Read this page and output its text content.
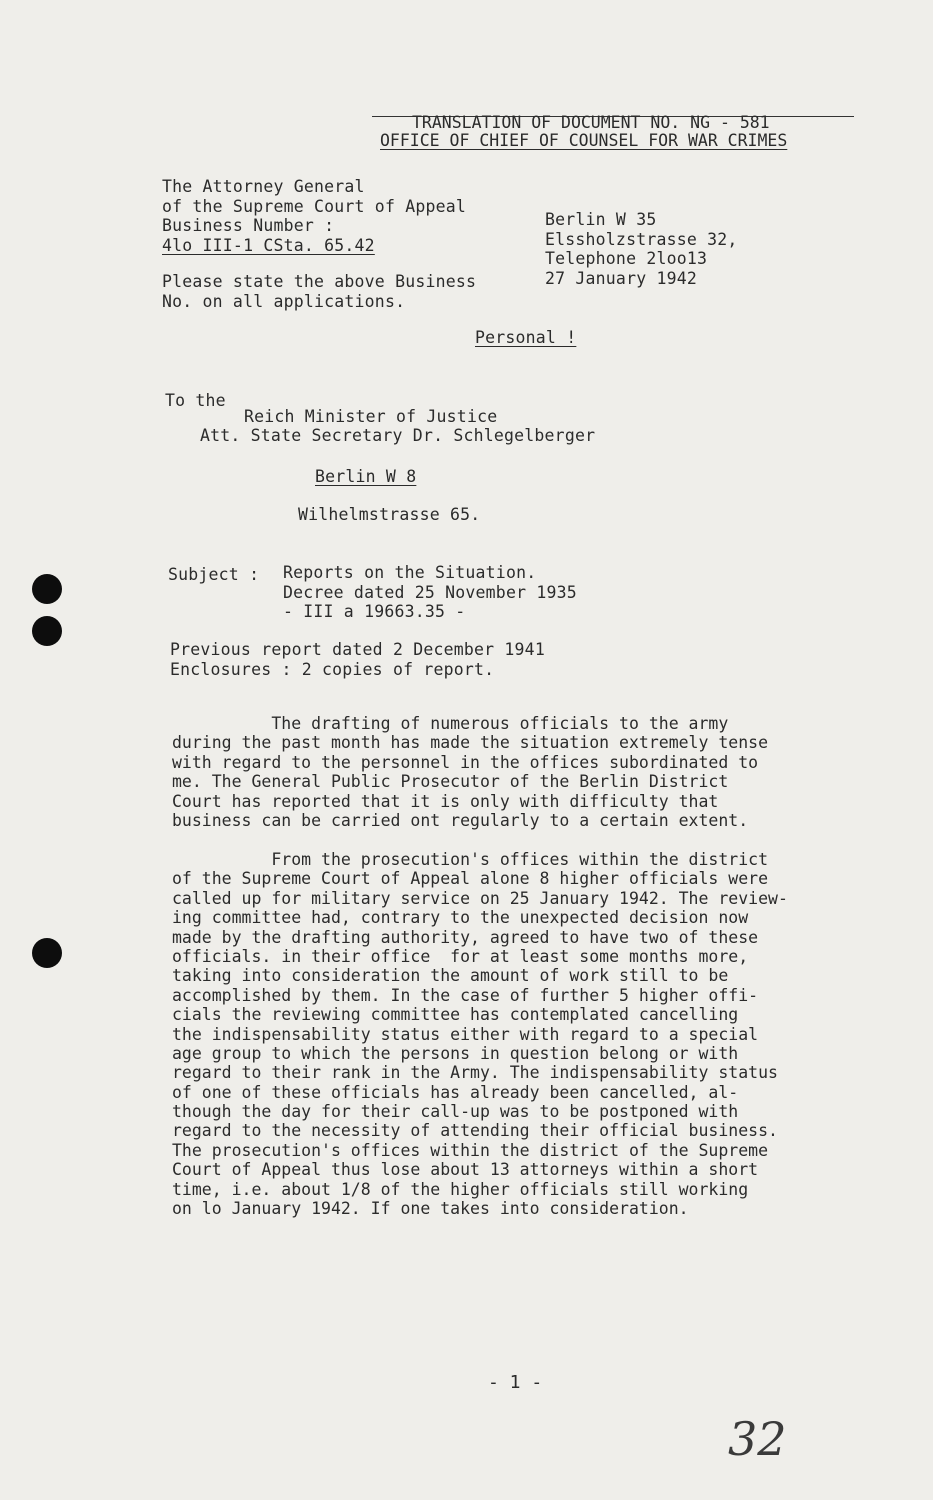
TRANSLATION OF DOCUMENT NO. NG - 581
OFFICE OF CHIEF OF COUNSEL FOR WAR CRIMES
The Attorney General
of the Supreme Court of Appeal
Business Number :
4lo III-1 CSta. 65.42
Berlin W 35
Elssholzstrasse 32,
Telephone 2loo13
27 January 1942
Please state the above Business
No. on all applications.
Personal !
To the
Reich Minister of Justice
Att. State Secretary Dr. Schlegelberger
Berlin W 8
Wilhelmstrasse 65.
Subject : Reports on the Situation.
Decree dated 25 November 1935
- III a 19663.35 -
Previous report dated 2 December 1941
Enclosures : 2 copies of report.
The drafting of numerous officials to the army
during the past month has made the situation extremely tense
with regard to the personnel in the offices subordinated to
me. The General Public Prosecutor of the Berlin District
Court has reported that it is only with difficulty that
business can be carried ont regularly to a certain extent.
From the prosecution's offices within the district
of the Supreme Court of Appeal alone 8 higher officials were
called up for military service on 25 January 1942. The review-
ing committee had, contrary to the unexpected decision now
made by the drafting authority, agreed to have two of these
officials. in their office  for at least some months more,
taking into consideration the amount of work still to be
accomplished by them. In the case of further 5 higher offi-
cials the reviewing committee has contemplated cancelling
the indispensability status either with regard to a special
age group to which the persons in question belong or with
regard to their rank in the Army. The indispensability status
of one of these officials has already been cancelled, al-
though the day for their call-up was to be postponed with
regard to the necessity of attending their official business.
The prosecution's offices within the district of the Supreme
Court of Appeal thus lose about 13 attorneys within a short
time, i.e. about 1/8 of the higher officials still working
on lo January 1942. If one takes into consideration.
- 1 -
32
